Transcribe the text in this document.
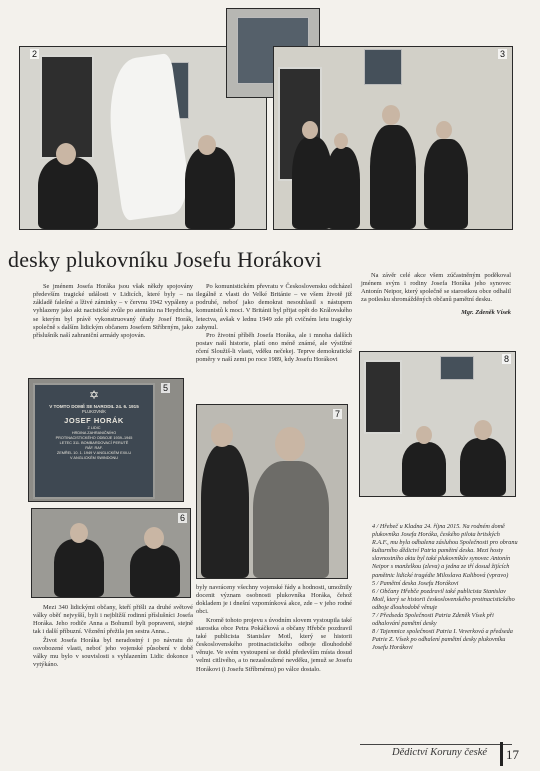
2	3
desky plukovníku Josefu Horákovi

Se jménem Josefa Horáka jsou však někdy spojovány především tragické události v Lidicích, které byly – na základě falešné a lživé záminky – v červnu 1942 vypáleny a vyhlazeny jako akt nacistické zvůle po atentátu na Heydricha, se kterým byl právě vykonstruovaný úřady Josef Horák, společně s dalším lidickým občanem Josefem Stříbrným, jako příslušník naší zahraniční armády spojován.

5
✡
V TOMTO DOMĚ SE NARODIL 24. 6. 1915
PLUKOVNÍK
JOSEF HORÁK
Z LIDIC
HRDINA ZAHRANIČNÍHO
PROTINACISTICKÉHO ODBOJE 1939–1945
LETEC 311. BOMBARDOVACÍ PERUTĚ
RÁF. RAF.
ZEMŘEL 10. 1. 1949 V ANGLICKÉM EXILU
V ANGLICKÉM SWINDONU
6

Mezi 340 lidickými občany, kteří přišli za druhé světové války oběť nejvyšší, byli i nejbližší rodinní příslušníci Josefa Horáka. Jeho rodiče Anna a Bohumil byli popraveni, stejně tak i další příbuzní. Věznění přežila jen sestra Anna...

Život Josefa Horáka byl neradostný i po návratu do osvobozené vlasti, neboť jeho vojenské působení v době války mu bylo v souvislosti s vyhlazením Lidic dokonce i vytýkáno.

Po komunistickém převratu v Československu odcházel ilegálně z vlasti do Velké Británie – ve všem životě již podruhé, neboť jako demokrat nesouhlasil s nástupem komunistů k moci. V Británii byl přijat opět do Královského letectva, avšak v lednu 1949 zde při cvičném letu tragicky zahynul.

Pro životní příběh Josefa Horáka, ale i mnoha dalších postav naší historie, platí ono méně známé, ale výstižné rčení Sloužiš-li vlasti, vděku nečekej. Teprve demokratické poměry v naší zemi po roce 1989, kdy Josefu Horákovi

7

byly navráceny všechny vojenské řády a hodnosti, umožnily docenit význam osobnosti plukovníka Horáka, čehož dokladem je i dnešní vzpomínková akce, zde – v jeho rodné obci.

Kromě tohoto projevu s úvodním slovem vystoupila také starostka obce Petra Pokáčková a občany Hřebče pozdravil také publicista Stanislav Motl, který se historii československého protinacistického odboje dlouhodobě věnuje. Ve svém vystoupení se dotkl především místa dosud velmi citlivého, a to nezasloužené nevděku, jemuž se Josefu Horákovi (i Josefu Stříbrnému) po válce dostalo.

Na závěr celé akce všem zúčastněným poděkoval jménem svým i rodiny Josefa Horáka jeho synovec Antonín Neipor, který společně se starostkou obce odhalil za potlesku shromážděných občanů pamětní desku.

Mgr. Zdeněk Vísek

8

4 / Hřebeč u Kladna 24. října 2015. Na rodném domě plukovníka Josefa Horáka, českého pilota britských R.A.F., mu byla odhalena zásluhou Společnosti pro obranu kulturního dědictví Patria pamětní deska. Mezi hosty slavnostního aktu byl také plukovníkův synovec Antonín Neipor s manželkou (zleva) a jedna ze tří dosud žijících pamětnic lidické tragédie Miloslava Kalibová (vpravo)

5 / Pamětní deska Josefu Horákovi

6 / Občany Hřebče pozdravil také publicista Stanislav Motl, který se historii československého protinacistického odboje dlouhodobě věnuje

7 / Předseda Společnosti Patria Zdeněk Vísek při odhalování pamětní desky

8 / Tajemnice společnosti Patria I. Veverková a předseda Patrie Z. Vísek po odhalení pamětní desky plukovníku Josefu Horákovi

Dědictví Koruny české 17
